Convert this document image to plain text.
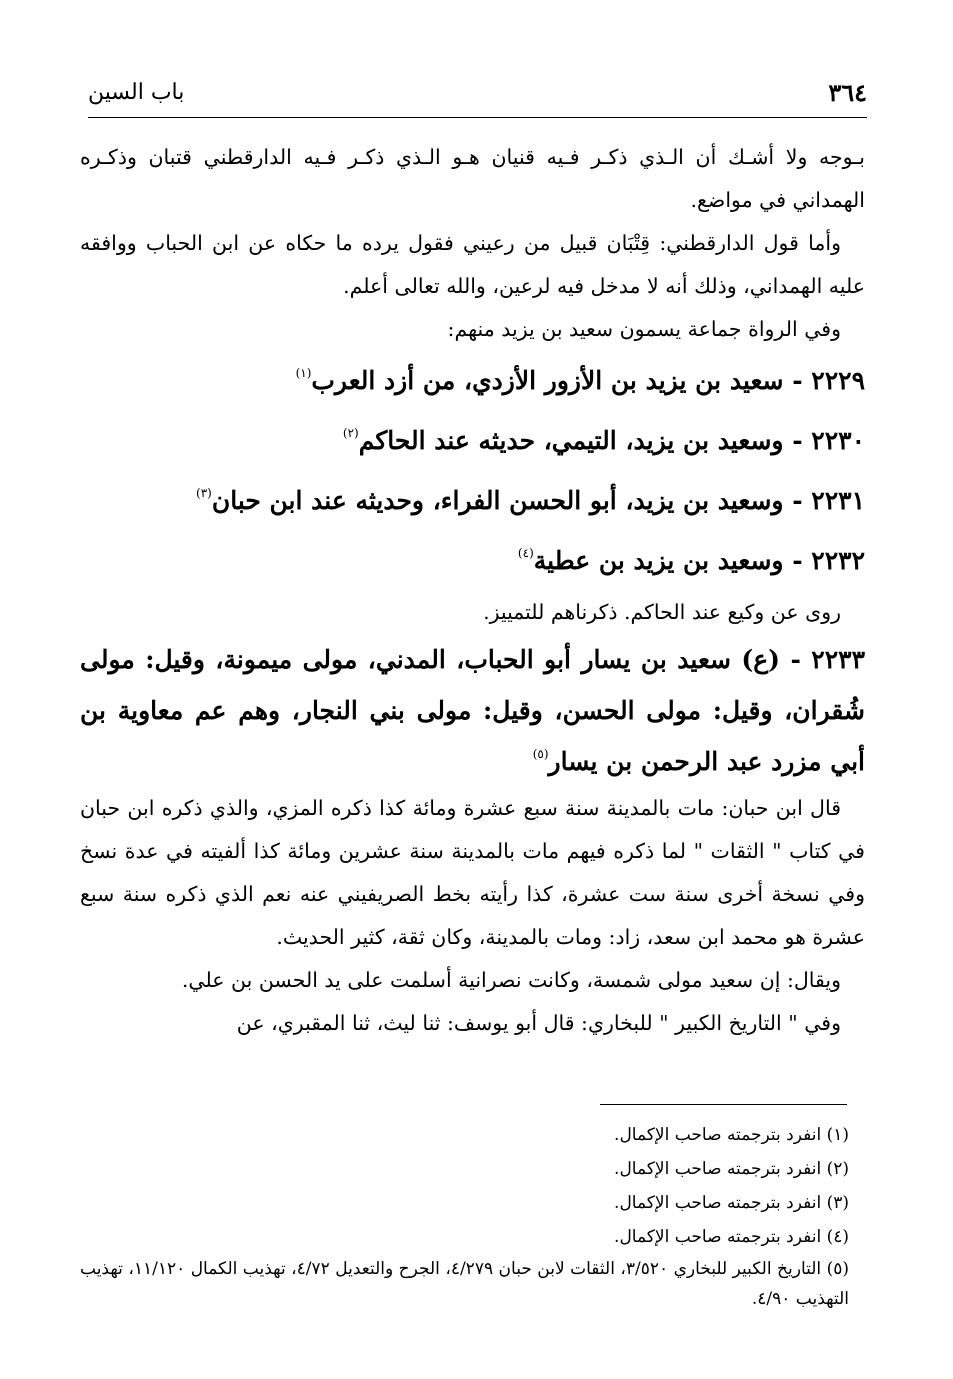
٣٦٤
باب السين

بـوجه ولا أشـك أن الـذي ذكـر فـيه قنيان هـو الـذي ذكـر فـيه الدارقطني قتبان وذكـره الهمداني في مواضع.

وأما قول الدارقطني: قِتْبَان قبيل من رعيني فقول يرده ما حكاه عن ابن الحباب ووافقه عليه الهمداني، وذلك أنه لا مدخل فيه لرعين، والله تعالى أعلم.

وفي الرواة جماعة يسمون سعيد بن يزيد منهم:

٢٢٢٩ - سعيد بن يزيد بن الأزور الأزدي، من أزد العرب$^{(١)}$

٢٢٣٠ - وسعيد بن يزيد، التيمي، حديثه عند الحاكم$^{(٢)}$

٢٢٣١ - وسعيد بن يزيد، أبو الحسن الفراء، وحديثه عند ابن حبان$^{(٣)}$

٢٢٣٢ - وسعيد بن يزيد بن عطية$^{(٤)}$

روى عن وكيع عند الحاكم. ذكرناهم للتمييز.

٢٢٣٣ - (ع) سعيد بن يسار أبو الحباب، المدني، مولى ميمونة، وقيل: مولى شُقران، وقيل: مولى الحسن، وقيل: مولى بني النجار، وهم عم معاوية بن أبي مزرد عبد الرحمن بن يسار$^{(٥)}$

قال ابن حبان: مات بالمدينة سنة سبع عشرة ومائة كذا ذكره المزي، والذي ذكره ابن حبان في كتاب " الثقات " لما ذكره فيهم مات بالمدينة سنة عشرين ومائة كذا ألفيته في عدة نسخ وفي نسخة أخرى سنة ست عشرة، كذا رأيته بخط الصريفيني عنه نعم الذي ذكره سنة سبع عشرة هو محمد ابن سعد، زاد: ومات بالمدينة، وكان ثقة، كثير الحديث.

ويقال: إن سعيد مولى شمسة، وكانت نصرانية أسلمت على يد الحسن بن علي.

وفي " التاريخ الكبير " للبخاري: قال أبو يوسف: ثنا ليث، ثنا المقبري، عن

(١) انفرد بترجمته صاحب الإكمال.

(٢) انفرد بترجمته صاحب الإكمال.

(٣) انفرد بترجمته صاحب الإكمال.

(٤) انفرد بترجمته صاحب الإكمال.

(٥) التاريخ الكبير للبخاري ٣/٥٢٠، الثقات لابن حبان ٤/٢٧٩، الجرح والتعديل ٤/٧٢، تهذيب الكمال ١١/١٢٠، تهذيب التهذيب ٤/٩٠.
